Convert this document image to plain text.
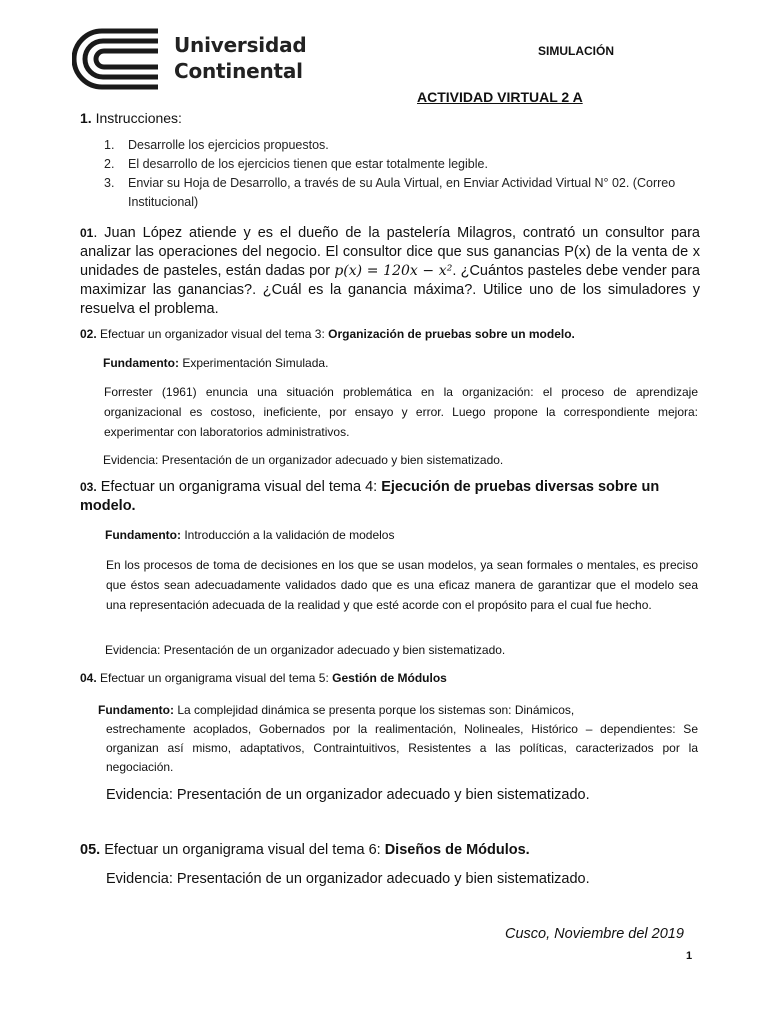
Universidad
Continental
SIMULACIÓN
ACTIVIDAD VIRTUAL 2 A
1. Instrucciones:
1. Desarrolle los ejercicios propuestos.
2. El desarrollo de los ejercicios tienen que estar totalmente legible.
3. Enviar su Hoja de Desarrollo, a través de su Aula Virtual, en Enviar Actividad Virtual N° 02. (Correo Institucional)
01. Juan López atiende y es el dueño de la pastelería Milagros, contrató un consultor para analizar las operaciones del negocio. El consultor dice que sus ganancias P(x) de la venta de x unidades de pasteles, están dadas por p(x) = 120x − x². ¿Cuántos pasteles debe vender para maximizar las ganancias?. ¿Cuál es la ganancia máxima?. Utilice uno de los simuladores y resuelva el problema.
02. Efectuar un organizador visual del tema 3: Organización de pruebas sobre un modelo.
Fundamento: Experimentación Simulada.
Forrester (1961) enuncia una situación problemática en la organización: el proceso de aprendizaje organizacional es costoso, ineficiente, por ensayo y error. Luego propone la correspondiente mejora: experimentar con laboratorios administrativos.
Evidencia: Presentación de un organizador adecuado y bien sistematizado.
03. Efectuar un organigrama visual del tema 4: Ejecución de pruebas diversas sobre un modelo.
Fundamento: Introducción a la validación de modelos
En los procesos de toma de decisiones en los que se usan modelos, ya sean formales o mentales, es preciso que éstos sean adecuadamente validados dado que es una eficaz manera de garantizar que el modelo sea una representación adecuada de la realidad y que esté acorde con el propósito para el cual fue hecho.
Evidencia: Presentación de un organizador adecuado y bien sistematizado.
04. Efectuar un organigrama visual del tema 5: Gestión de Módulos
Fundamento: La complejidad dinámica se presenta porque los sistemas son: Dinámicos,
estrechamente acoplados, Gobernados por la realimentación, Nolineales, Histórico – dependientes: Se organizan así mismo, adaptativos, Contraintuitivos, Resistentes a las políticas, caracterizados por la negociación.
Evidencia: Presentación de un organizador adecuado y bien sistematizado.
05. Efectuar un organigrama visual del tema 6: Diseños de Módulos.
Evidencia: Presentación de un organizador adecuado y bien sistematizado.
Cusco, Noviembre del 2019
1
